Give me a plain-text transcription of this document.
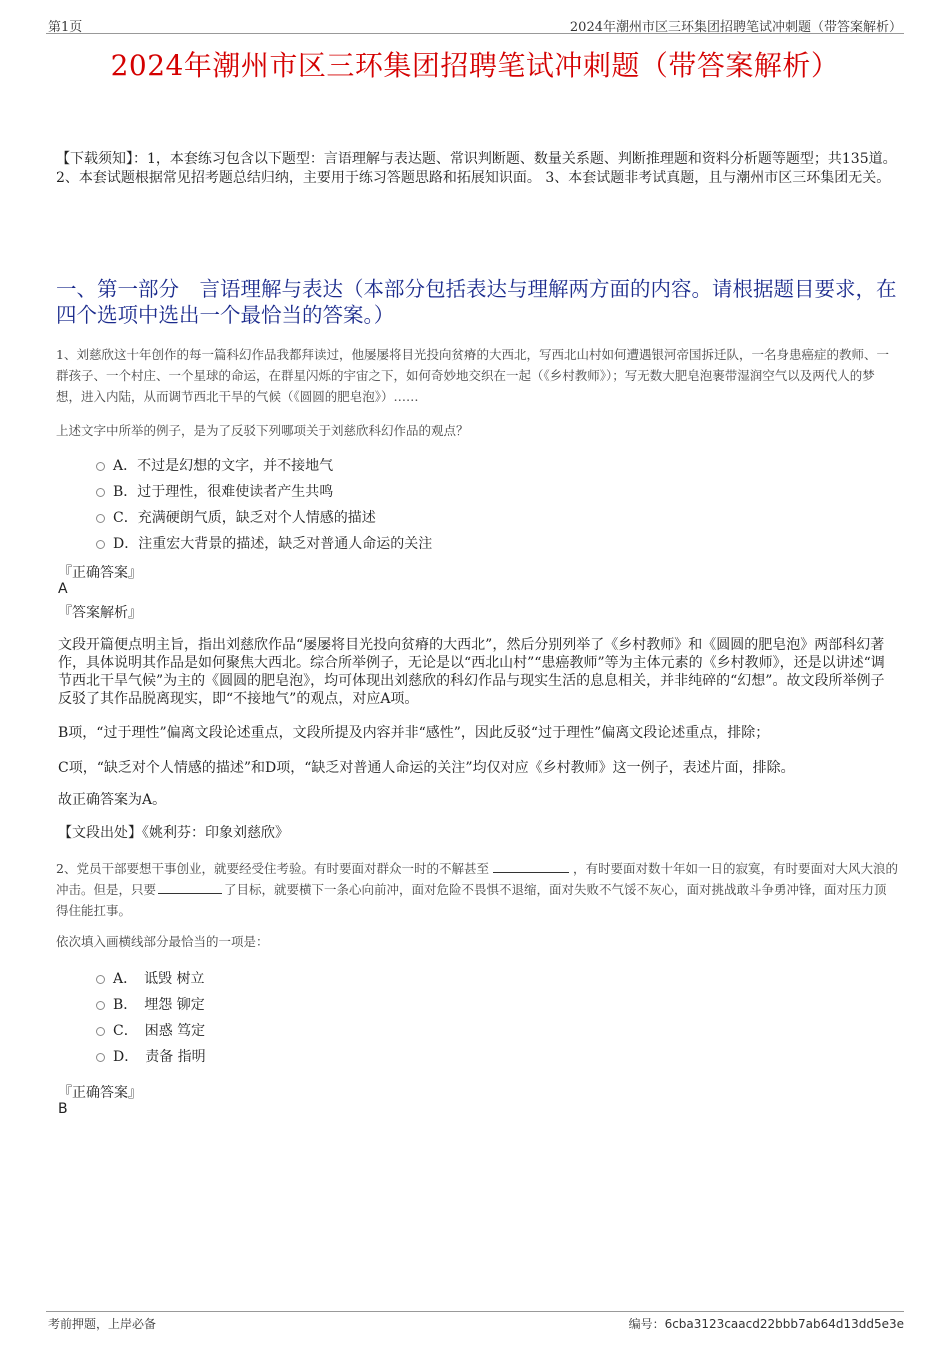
第1页	2024年潮州市区三环集团招聘笔试冲刺题（带答案解析）
2024年潮州市区三环集团招聘笔试冲刺题（带答案解析）
【下载须知】：1，本套练习包含以下题型：言语理解与表达题、常识判断题、数量关系题、判断推理题和资料分析题等题型；共135道。 2、本套试题根据常见招考题总结归纳，主要用于练习答题思路和拓展知识面。 3、本套试题非考试真题，且与潮州市区三环集团无关。
一、第一部分　言语理解与表达（本部分包括表达与理解两方面的内容。请根据题目要求，在四个选项中选出一个最恰当的答案。）
1、刘慈欣这十年创作的每一篇科幻作品我都拜读过，他屡屡将目光投向贫瘠的大西北，写西北山村如何遭遇银河帝国拆迁队，一名身患癌症的教师、一群孩子、一个村庄、一个星球的命运，在群星闪烁的宇宙之下，如何奇妙地交织在一起（《乡村教师》）；写无数大肥皂泡裹带湿润空气以及两代人的梦想，进入内陆，从而调节西北干旱的气候（《圆圆的肥皂泡》）……
上述文字中所举的例子，是为了反驳下列哪项关于刘慈欣科幻作品的观点？
A．不过是幻想的文字，并不接地气
B．过于理性，很难使读者产生共鸣
C．充满硬朗气质，缺乏对个人情感的描述
D．注重宏大背景的描述，缺乏对普通人命运的关注
『正确答案』
A
『答案解析』
文段开篇便点明主旨，指出刘慈欣作品“屡屡将目光投向贫瘠的大西北”，然后分别列举了《乡村教师》和《圆圆的肥皂泡》两部科幻著作，具体说明其作品是如何聚焦大西北。综合所举例子，无论是以“西北山村”“患癌教师”等为主体元素的《乡村教师》，还是以讲述“调节西北干旱气候”为主的《圆圆的肥皂泡》，均可体现出刘慈欣的科幻作品与现实生活的息息相关，并非纯碎的“幻想”。故文段所举例子反驳了其作品脱离现实，即“不接地气”的观点，对应A项。
B项，“过于理性”偏离文段论述重点，文段所提及内容并非“感性”，因此反驳“过于理性”偏离文段论述重点，排除；
C项，“缺乏对个人情感的描述”和D项，“缺乏对普通人命运的关注”均仅对应《乡村教师》这一例子，表述片面，排除。
故正确答案为A。
【文段出处】《姚利芬：印象刘慈欣》
2、党员干部要想干事创业，就要经受住考验。有时要面对群众一时的不解甚至	，有时要面对数十年如一日的寂寞，有时要面对大风大浪的冲击。但是，只要	了目标，就要横下一条心向前冲，面对危险不畏惧不退缩，面对失败不气馁不灰心，面对挑战敢斗争勇冲锋，面对压力顶得住能扛事。
依次填入画横线部分最恰当的一项是：
A．　诋毁 树立
B．　埋怨 铆定
C．　困惑 笃定
D．　责备 指明
『正确答案』
B
考前押题，上岸必备	编号：6cba3123caacd22bbb7ab64d13dd5e3e
